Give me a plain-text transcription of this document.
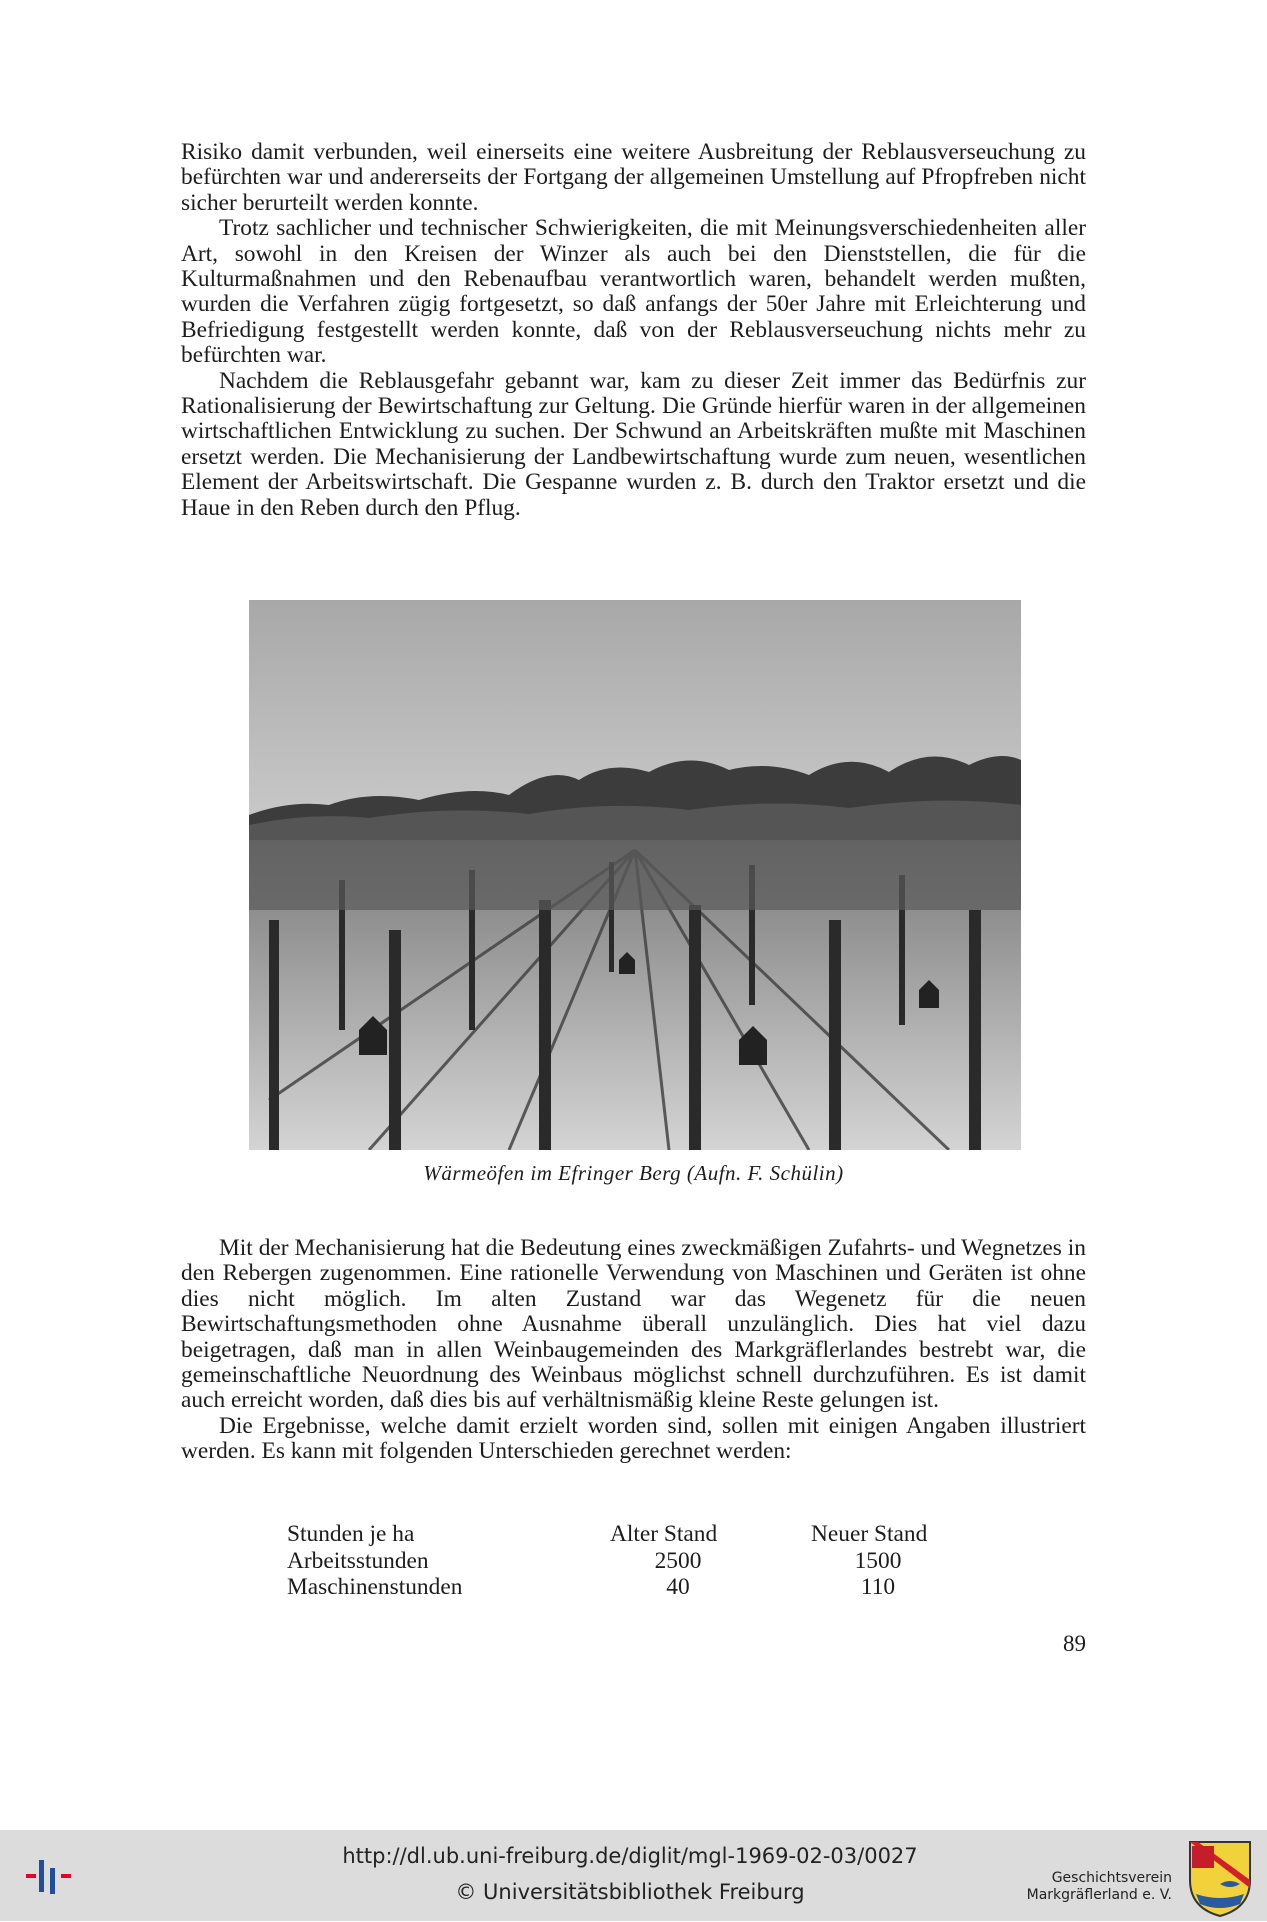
Risiko damit verbunden, weil einerseits eine weitere Ausbreitung der Reblausverseuchung zu befürchten war und andererseits der Fortgang der allgemeinen Umstellung auf Pfropfreben nicht sicher berurteilt werden konnte.

Trotz sachlicher und technischer Schwierigkeiten, die mit Meinungsverschiedenheiten aller Art, sowohl in den Kreisen der Winzer als auch bei den Dienststellen, die für die Kulturmaßnahmen und den Rebenaufbau verantwortlich waren, behandelt werden mußten, wurden die Verfahren zügig fortgesetzt, so daß anfangs der 50er Jahre mit Erleichterung und Befriedigung festgestellt werden konnte, daß von der Reblausverseuchung nichts mehr zu befürchten war.

Nachdem die Reblausgefahr gebannt war, kam zu dieser Zeit immer das Bedürfnis zur Rationalisierung der Bewirtschaftung zur Geltung. Die Gründe hierfür waren in der allgemeinen wirtschaftlichen Entwicklung zu suchen. Der Schwund an Arbeitskräften mußte mit Maschinen ersetzt werden. Die Mechanisierung der Landbewirtschaftung wurde zum neuen, wesentlichen Element der Arbeitswirtschaft. Die Gespanne wurden z. B. durch den Traktor ersetzt und die Haue in den Reben durch den Pflug.

Wärmeöfen im Efringer Berg (Aufn. F. Schülin)

Mit der Mechanisierung hat die Bedeutung eines zweckmäßigen Zufahrts- und Wegnetzes in den Rebergen zugenommen. Eine rationelle Verwendung von Maschinen und Geräten ist ohne dies nicht möglich. Im alten Zustand war das Wegenetz für die neuen Bewirtschaftungsmethoden ohne Ausnahme überall unzulänglich. Dies hat viel dazu beigetragen, daß man in allen Weinbaugemeinden des Markgräflerlandes bestrebt war, die gemeinschaftliche Neuordnung des Weinbaus möglichst schnell durchzuführen. Es ist damit auch erreicht worden, daß dies bis auf verhältnismäßig kleine Reste gelungen ist.

Die Ergebnisse, welche damit erzielt worden sind, sollen mit einigen Angaben illustriert werden. Es kann mit folgenden Unterschieden gerechnet werden:

Stunden je ha	Alter Stand	Neuer Stand
Arbeitsstunden	2500	1500
Maschinenstunden	40	110
89
http://dl.ub.uni-freiburg.de/diglit/mgl-1969-02-03/0027
© Universitätsbibliothek Freiburg
Geschichtsverein
Markgräflerland e. V.
